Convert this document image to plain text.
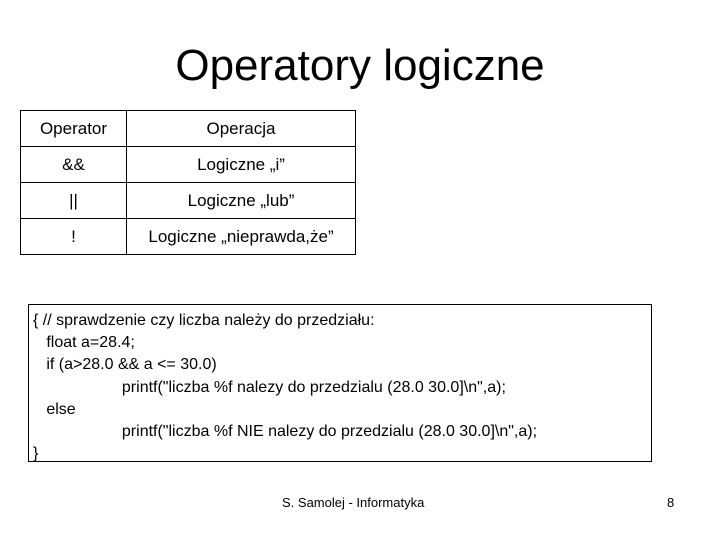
Operatory logiczne
Operator	Operacja
&&	Logiczne „i”
||	Logiczne „lub”
!	Logiczne „nieprawda,że”
{ // sprawdzenie czy liczba należy do przedziału:
float a=28.4;
if (a>28.0 && a <= 30.0)
printf("liczba %f nalezy do przedzialu (28.0 30.0]\n",a);
else
printf("liczba %f NIE nalezy do przedzialu (28.0 30.0]\n",a);
}
S. Samolej - Informatyka	8
